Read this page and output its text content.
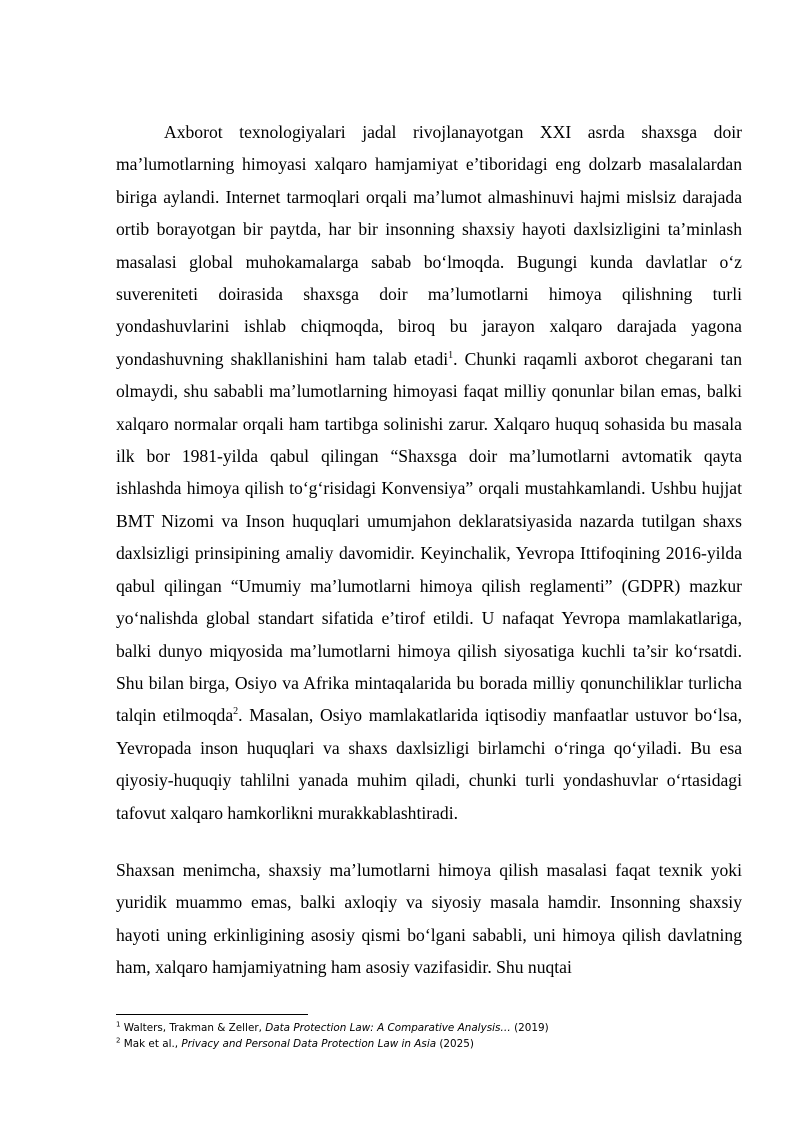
Axborot texnologiyalari jadal rivojlanayotgan XXI asrda shaxsga doir ma’lumotlarning himoyasi xalqaro hamjamiyat e’tiboridagi eng dolzarb masalalardan biriga aylandi. Internet tarmoqlari orqali ma’lumot almashinuvi hajmi mislsiz darajada ortib borayotgan bir paytda, har bir insonning shaxsiy hayoti daxlsizligini ta’minlash masalasi global muhokamalarga sabab bo‘lmoqda. Bugungi kunda davlatlar o‘z suvereniteti doirasida shaxsga doir ma’lumotlarni himoya qilishning turli yondashuvlarini ishlab chiqmoqda, biroq bu jarayon xalqaro darajada yagona yondashuvning shakllanishini ham talab etadi$^1$. Chunki raqamli axborot chegarani tan olmaydi, shu sababli ma’lumotlarning himoyasi faqat milliy qonunlar bilan emas, balki xalqaro normalar orqali ham tartibga solinishi zarur. Xalqaro huquq sohasida bu masala ilk bor 1981-yilda qabul qilingan “Shaxsga doir ma’lumotlarni avtomatik qayta ishlashda himoya qilish to‘g‘risidagi Konvensiya” orqali mustahkamlandi. Ushbu hujjat BMT Nizomi va Inson huquqlari umumjahon deklaratsiyasida nazarda tutilgan shaxs daxlsizligi prinsipining amaliy davomidir. Keyinchalik, Yevropa Ittifoqining 2016-yilda qabul qilingan “Umumiy ma’lumotlarni himoya qilish reglamenti” (GDPR) mazkur yo‘nalishda global standart sifatida e’tirof etildi. U nafaqat Yevropa mamlakatlariga, balki dunyo miqyosida ma’lumotlarni himoya qilish siyosatiga kuchli ta’sir ko‘rsatdi. Shu bilan birga, Osiyo va Afrika mintaqalarida bu borada milliy qonunchiliklar turlicha talqin etilmoqda$^2$. Masalan, Osiyo mamlakatlarida iqtisodiy manfaatlar ustuvor bo‘lsa, Yevropada inson huquqlari va shaxs daxlsizligi birlamchi o‘ringa qo‘yiladi. Bu esa qiyosiy-huquqiy tahlilni yanada muhim qiladi, chunki turli yondashuvlar o‘rtasidagi tafovut xalqaro hamkorlikni murakkablashtiradi.

Shaxsan menimcha, shaxsiy ma’lumotlarni himoya qilish masalasi faqat texnik yoki yuridik muammo emas, balki axloqiy va siyosiy masala hamdir. Insonning shaxsiy hayoti uning erkinligining asosiy qismi bo‘lgani sababli, uni himoya qilish davlatning ham, xalqaro hamjamiyatning ham asosiy vazifasidir. Shu nuqtai

$^1$ Walters, Trakman & Zeller, Data Protection Law: A Comparative Analysis… (2019)
$^2$ Mak et al., Privacy and Personal Data Protection Law in Asia (2025)
